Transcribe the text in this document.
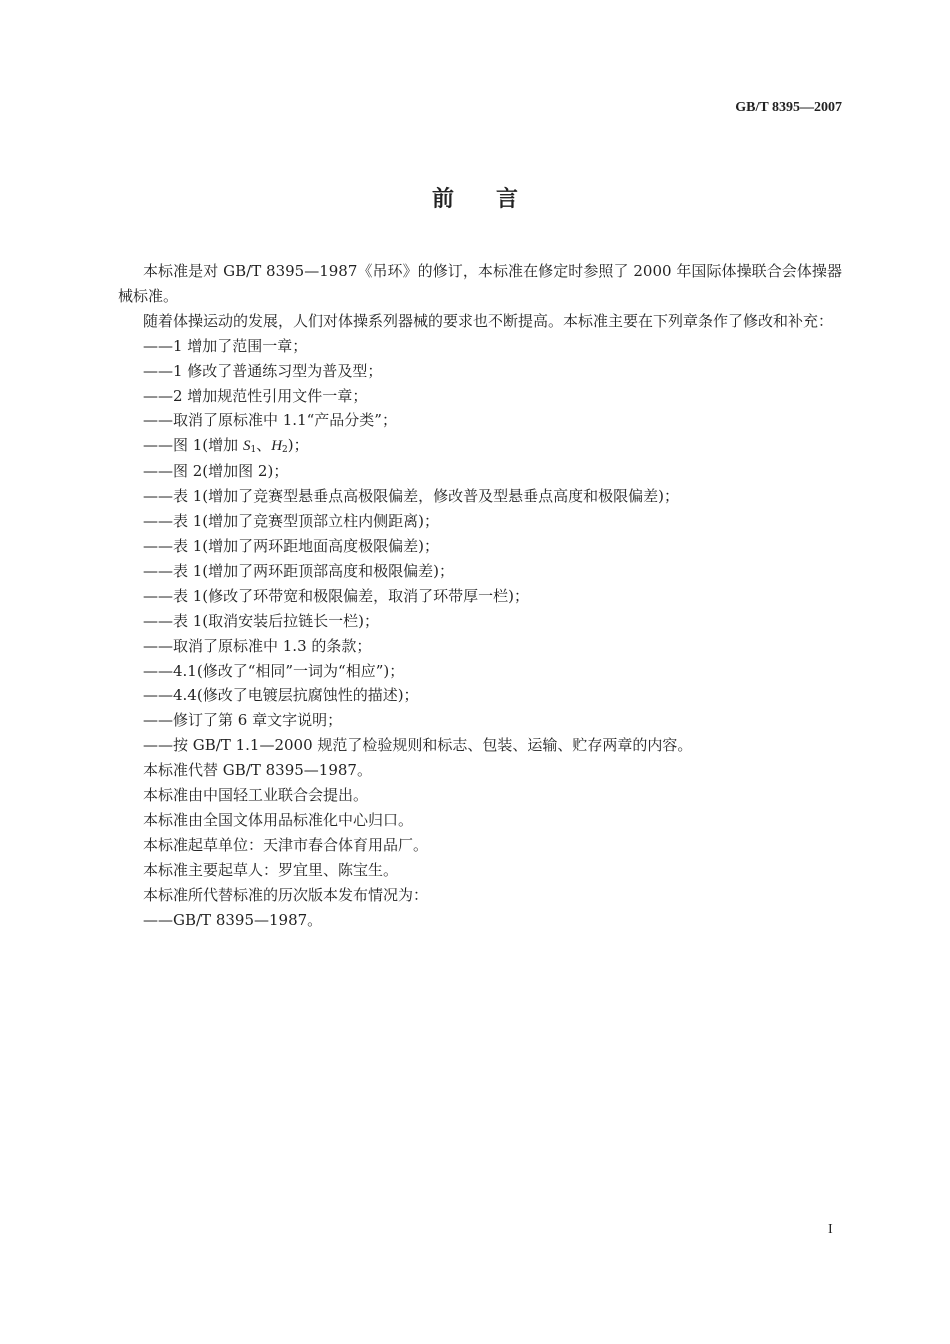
GB/T 8395—2007
前言

本标准是对 GB/T 8395—1987《吊环》的修订，本标准在修定时参照了 2000 年国际体操联合会体操器械标准。

随着体操运动的发展，人们对体操系列器械的要求也不断提高。本标准主要在下列章条作了修改和补充：

——1 增加了范围一章；

——1 修改了普通练习型为普及型；

——2 增加规范性引用文件一章；

——取消了原标准中 1.1“产品分类”；

——图 1(增加 $S_1$、$H_2$)；

——图 2(增加图 2)；

——表 1(增加了竞赛型悬垂点高极限偏差，修改普及型悬垂点高度和极限偏差)；

——表 1(增加了竞赛型顶部立柱内侧距离)；

——表 1(增加了两环距地面高度极限偏差)；

——表 1(增加了两环距顶部高度和极限偏差)；

——表 1(修改了环带宽和极限偏差，取消了环带厚一栏)；

——表 1(取消安装后拉链长一栏)；

——取消了原标准中 1.3 的条款；

——4.1(修改了“相同”一词为“相应”)；

——4.4(修改了电镀层抗腐蚀性的描述)；

——修订了第 6 章文字说明；

——按 GB/T 1.1—2000 规范了检验规则和标志、包装、运输、贮存两章的内容。

本标准代替 GB/T 8395—1987。

本标准由中国轻工业联合会提出。

本标准由全国文体用品标准化中心归口。

本标准起草单位：天津市春合体育用品厂。

本标准主要起草人：罗宜里、陈宝生。

本标准所代替标准的历次版本发布情况为：

——GB/T 8395—1987。

I
